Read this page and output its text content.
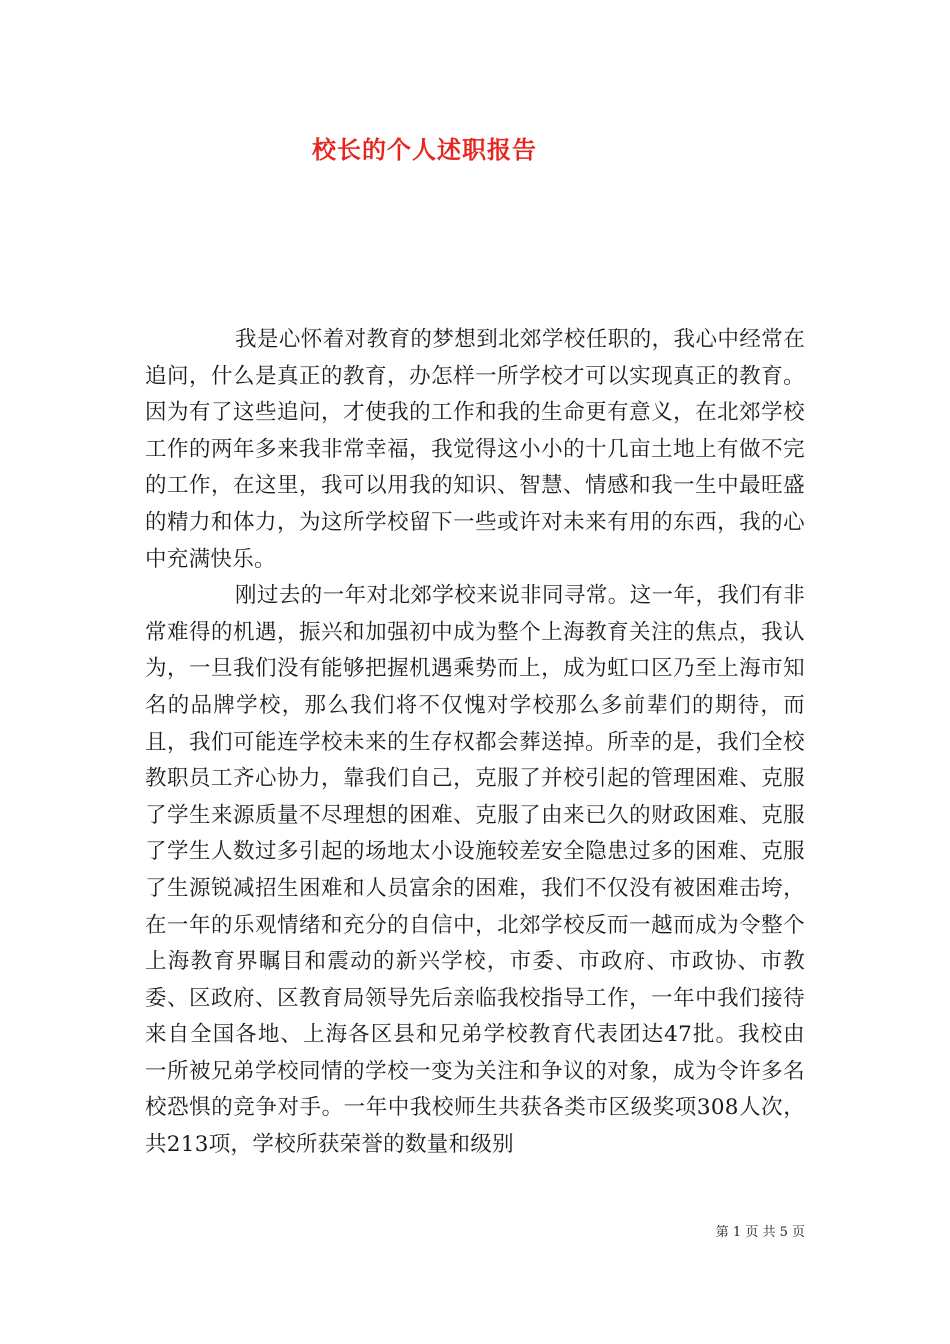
校长的个人述职报告

我是心怀着对教育的梦想到北郊学校任职的，我心中经常在追问，什么是真正的教育，办怎样一所学校才可以实现真正的教育。因为有了这些追问，才使我的工作和我的生命更有意义，在北郊学校工作的两年多来我非常幸福，我觉得这小小的十几亩土地上有做不完的工作，在这里，我可以用我的知识、智慧、情感和我一生中最旺盛的精力和体力，为这所学校留下一些或许对未来有用的东西，我的心中充满快乐。

刚过去的一年对北郊学校来说非同寻常。这一年，我们有非常难得的机遇，振兴和加强初中成为整个上海教育关注的焦点，我认为，一旦我们没有能够把握机遇乘势而上，成为虹口区乃至上海市知名的品牌学校，那么我们将不仅愧对学校那么多前辈们的期待，而且，我们可能连学校未来的生存权都会葬送掉。所幸的是，我们全校教职员工齐心协力，靠我们自己，克服了并校引起的管理困难、克服了学生来源质量不尽理想的困难、克服了由来已久的财政困难、克服了学生人数过多引起的场地太小设施较差安全隐患过多的困难、克服了生源锐减招生困难和人员富余的困难，我们不仅没有被困难击垮，在一年的乐观情绪和充分的自信中，北郊学校反而一越而成为令整个上海教育界瞩目和震动的新兴学校，市委、市政府、市政协、市教委、区政府、区教育局领导先后亲临我校指导工作，一年中我们接待来自全国各地、上海各区县和兄弟学校教育代表团达47批。我校由一所被兄弟学校同情的学校一变为关注和争议的对象，成为令许多名校恐惧的竞争对手。一年中我校师生共获各类市区级奖项308人次，共213项，学校所获荣誉的数量和级别

第 1 页 共 5 页
